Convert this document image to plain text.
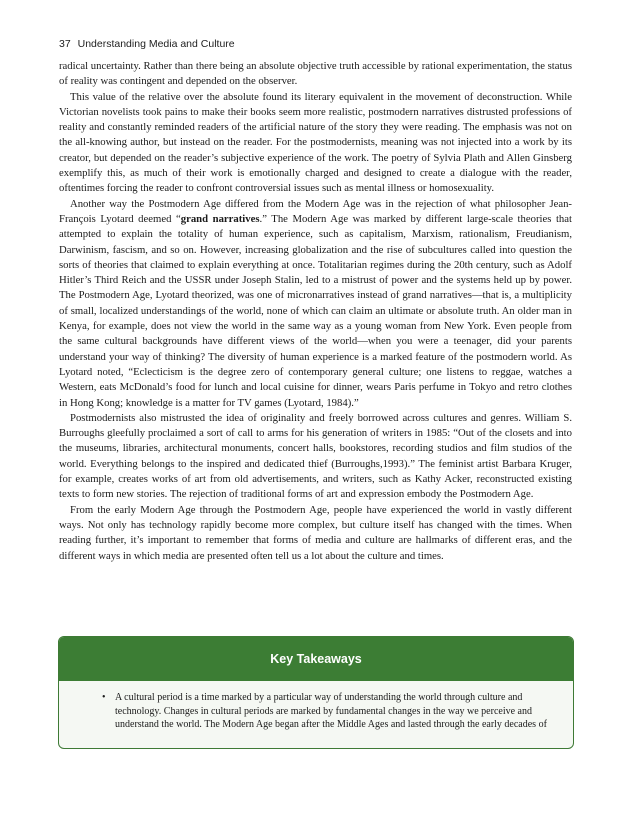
37 Understanding Media and Culture

radical uncertainty. Rather than there being an absolute objective truth accessible by rational experimentation, the status of reality was contingent and depended on the observer.

This value of the relative over the absolute found its literary equivalent in the movement of deconstruction. While Victorian novelists took pains to make their books seem more realistic, postmodern narratives distrusted professions of reality and constantly reminded readers of the artificial nature of the story they were reading. The emphasis was not on the all-knowing author, but instead on the reader. For the postmodernists, meaning was not injected into a work by its creator, but depended on the reader’s subjective experience of the work. The poetry of Sylvia Plath and Allen Ginsberg exemplify this, as much of their work is emotionally charged and designed to create a dialogue with the reader, oftentimes forcing the reader to confront controversial issues such as mental illness or homosexuality.

Another way the Postmodern Age differed from the Modern Age was in the rejection of what philosopher Jean-François Lyotard deemed “grand narratives.” The Modern Age was marked by different large-scale theories that attempted to explain the totality of human experience, such as capitalism, Marxism, rationalism, Freudianism, Darwinism, fascism, and so on. However, increasing globalization and the rise of subcultures called into question the sorts of theories that claimed to explain everything at once. Totalitarian regimes during the 20th century, such as Adolf Hitler’s Third Reich and the USSR under Joseph Stalin, led to a mistrust of power and the systems held up by power. The Postmodern Age, Lyotard theorized, was one of micronarratives instead of grand narratives—that is, a multiplicity of small, localized understandings of the world, none of which can claim an ultimate or absolute truth. An older man in Kenya, for example, does not view the world in the same way as a young woman from New York. Even people from the same cultural backgrounds have different views of the world—when you were a teenager, did your parents understand your way of thinking? The diversity of human experience is a marked feature of the postmodern world. As Lyotard noted, “Eclecticism is the degree zero of contemporary general culture; one listens to reggae, watches a Western, eats McDonald’s food for lunch and local cuisine for dinner, wears Paris perfume in Tokyo and retro clothes in Hong Kong; knowledge is a matter for TV games (Lyotard, 1984).”

Postmodernists also mistrusted the idea of originality and freely borrowed across cultures and genres. William S. Burroughs gleefully proclaimed a sort of call to arms for his generation of writers in 1985: “Out of the closets and into the museums, libraries, architectural monuments, concert halls, bookstores, recording studios and film studios of the world. Everything belongs to the inspired and dedicated thief (Burroughs,1993).” The feminist artist Barbara Kruger, for example, creates works of art from old advertisements, and writers, such as Kathy Acker, reconstructed existing texts to form new stories. The rejection of traditional forms of art and expression embody the Postmodern Age.

From the early Modern Age through the Postmodern Age, people have experienced the world in vastly different ways. Not only has technology rapidly become more complex, but culture itself has changed with the times. When reading further, it’s important to remember that forms of media and culture are hallmarks of different eras, and the different ways in which media are presented often tell us a lot about the culture and times.

Key Takeaways
• A cultural period is a time marked by a particular way of understanding the world through culture and technology. Changes in cultural periods are marked by fundamental changes in the way we perceive and understand the world. The Modern Age began after the Middle Ages and lasted through the early decades of
